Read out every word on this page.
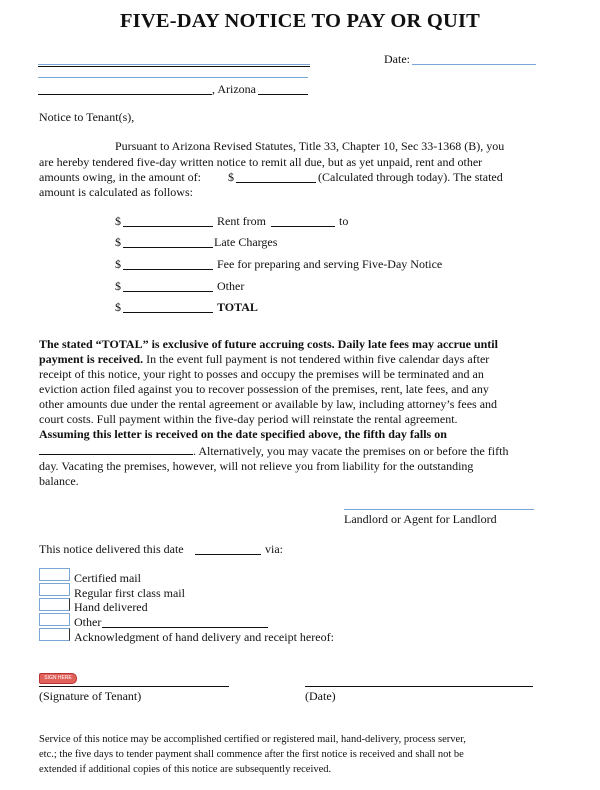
FIVE-DAY NOTICE TO PAY OR QUIT
, Arizona
Date:
Notice to Tenant(s),
Pursuant to Arizona Revised Statutes, Title 33, Chapter 10, Sec 33-1368 (B), you
are hereby tendered five-day written notice to remit all due, but as yet unpaid, rent and other
amounts owing, in the amount of: $	(Calculated through today). The stated
amount is calculated as follows:
$	Rent from	to
$	Late Charges
$	Fee for preparing and serving Five-Day Notice
$	Other
$	TOTAL

The stated “TOTAL” is exclusive of future accruing costs. Daily late fees may accrue until

payment is received. In the event full payment is not tendered within five calendar days after

receipt of this notice, your right to posses and occupy the premises will be terminated and an

eviction action filed against you to recover possession of the premises, rent, late fees, and any

other amounts due under the rental agreement or available by law, including attorney’s fees and

court costs. Full payment within the five-day period will reinstate the rental agreement.

Assuming this letter is received on the date specified above, the fifth day falls on

. Alternatively, you may vacate the premises on or before the fifth

day. Vacating the premises, however, will not relieve you from liability for the outstanding

balance.

Landlord or Agent for Landlord
This notice delivered this date	via:
Certified mail
Regular first class mail
Hand delivered
Other
Acknowledgment of hand delivery and receipt hereof:
SIGN HERE
(Signature of Tenant)	(Date)

Service of this notice may be accomplished certified or registered mail, hand-delivery, process server,

etc.; the five days to tender payment shall commence after the first notice is received and shall not be

extended if additional copies of this notice are subsequently received.
